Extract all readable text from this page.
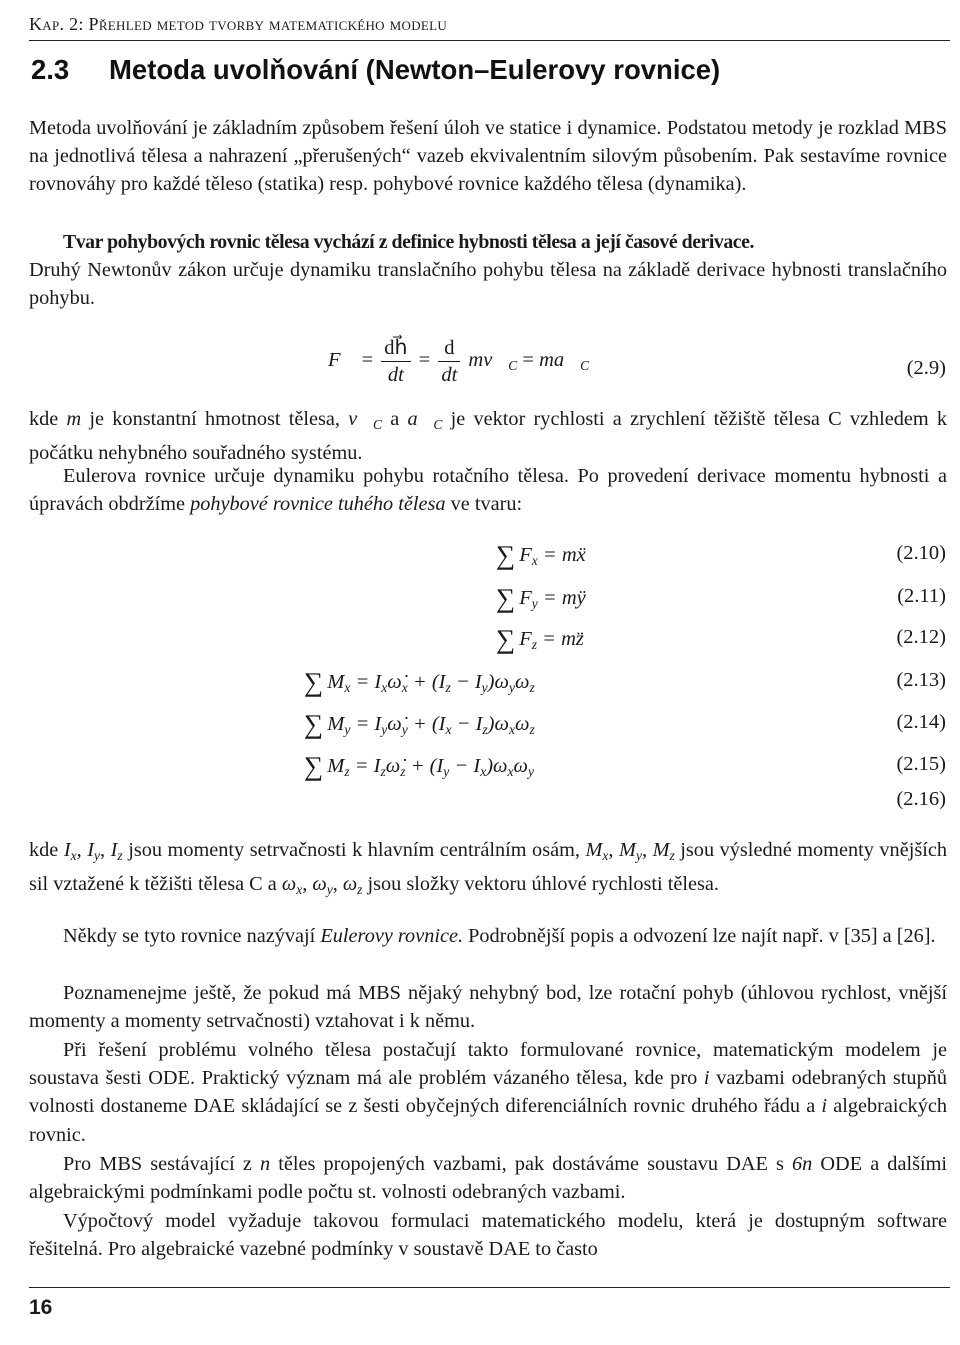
Kap. 2: Přehled metod tvorby matematického modelu
2.3 Metoda uvolňování (Newton–Eulerovy rovnice)
Metoda uvolňování je základním způsobem řešení úloh ve statice i dynamice. Podstatou metody je rozklad MBS na jednotlivá tělesa a nahrazení „přerušených“ vazeb ekvivalentním silovým působením. Pak sestavíme rovnice rovnováhy pro každé těleso (statika) resp. pohybové rovnice každého tělesa (dynamika).
Tvar pohybových rovnic tělesa vychází z definice hybnosti tělesa a její časové derivace.
Druhý Newtonův zákon určuje dynamiku translačního pohybu tělesa na základě derivace hybnosti translačního pohybu.
F⃗ = $\frac{dh⃗}{dt} = \frac{d}{dt}$ $mv⃗_C$ = $ma⃗_C$	(2.9)
kde m je konstantní hmotnost tělesa, $v⃗_C$ a $a⃗_C$ je vektor rychlosti a zrychlení těžiště tělesa C vzhledem k počátku nehybného souřadného systému.
Eulerova rovnice určuje dynamiku pohybu rotačního tělesa. Po provedení derivace momentu hybnosti a úpravách obdržíme pohybové rovnice tuhého tělesa ve tvaru:
∑ $F_x$ = mẍ	(2.10)
∑ $F_y$ = mÿ	(2.11)
∑ $F_z$ = mz̈	(2.12)
∑ $M_x$ = $I_x\omegȧ_x + (I_z - I_y)\omega_y\omega_z$	(2.13)
∑ $M_y$ = $I_y\omegȧ_y + (I_x - I_z)\omega_x\omega_z$	(2.14)
∑ $M_z$ = $I_z\omegȧ_z + (I_y - I_x)\omega_x\omega_y$	(2.15)
(2.16)
kde $I_x$, $I_y$, $I_z$ jsou momenty setrvačnosti k hlavním centrálním osám, $M_x$, $M_y$, $M_z$ jsou výsledné momenty vnějších sil vztažené k těžišti tělesa C a $\omega_x$, $\omega_y$, $\omega_z$ jsou složky vektoru úhlové rychlosti tělesa.
Někdy se tyto rovnice nazývají Eulerovy rovnice. Podrobnější popis a odvození lze najít např. v [35] a [26].
Poznamenejme ještě, že pokud má MBS nějaký nehybný bod, lze rotační pohyb (úhlovou rychlost, vnější momenty a momenty setrvačnosti) vztahovat i k němu.
Při řešení problému volného tělesa postačují takto formulované rovnice, matematickým modelem je soustava šesti ODE. Praktický význam má ale problém vázaného tělesa, kde pro i vazbami odebraných stupňů volnosti dostaneme DAE skládající se z šesti obyčejných diferenciálních rovnic druhého řádu a i algebraických rovnic.
Pro MBS sestávající z n těles propojených vazbami, pak dostáváme soustavu DAE s 6n ODE a dalšími algebraickými podmínkami podle počtu st. volnosti odebraných vazbami.
Výpočtový model vyžaduje takovou formulaci matematického modelu, která je dostupným software řešitelná. Pro algebraické vazebné podmínky v soustavě DAE to často
16
